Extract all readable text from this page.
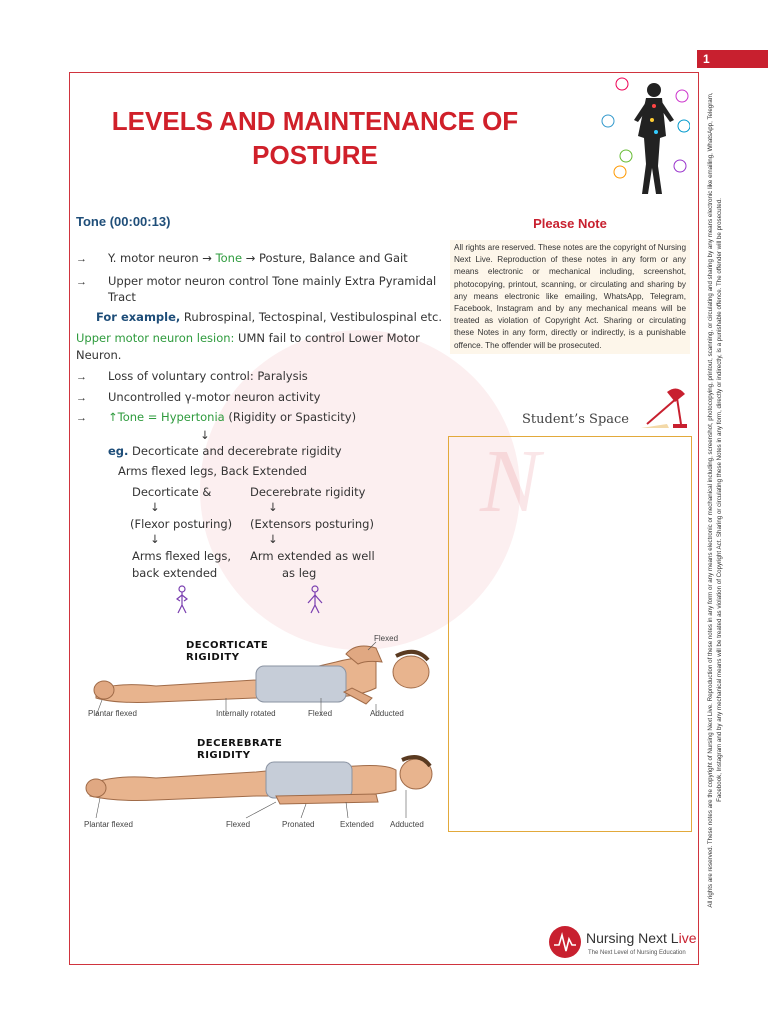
1
N
LEVELS AND MAINTENANCE OF
POSTURE
Tone (00:00:13)
→ Y. motor neuron → Tone → Posture, Balance and Gait
→ Upper motor neuron control Tone mainly Extra Pyramidal
Tract
For example, Rubrospinal, Tectospinal, Vestibulospinal etc.
Upper motor neuron lesion: UMN fail to control Lower Motor
Neuron.
→ Loss of voluntary control: Paralysis
→ Uncontrolled γ-motor neuron activity
→ ↑Tone = Hypertonia (Rigidity or Spasticity)
↓
eg. Decorticate and decerebrate rigidity
Arms flexed legs, Back Extended
Decorticate &
↓
(Flexor posturing)
↓
Arms flexed legs,
back extended
Decerebrate rigidity
↓
(Extensors posturing)
↓
Arm extended as well
as leg
DECORTICATE
RIGIDITY
Flexed
Plantar flexed	Internally rotated	Flexed	Adducted
DECEREBRATE
RIGIDITY
Plantar flexed	Flexed	Pronated	Extended Adducted
Please Note
All rights are reserved. These notes are the copyright of Nursing Next Live. Reproduction of these notes in any form or any means electronic or mechanical including, screenshot, photocopying, printout, scanning, or circulating and sharing by any means electronic like emailing, WhatsApp, Telegram, Facebook, Instagram and by any mechanical means will be treated as violation of Copyright Act. Sharing or circulating these Notes in any form, directly or indirectly, is a punishable offence. The offender will be prosecuted.
Student’s Space
Nursing Next Live
The Next Level of Nursing Education
All rights are reserved. These notes are the copyright of Nursing Next Live. Reproduction of these notes in any form or any means electronic or mechanical including, screenshot, photocopying, printout, scanning, or circulating and sharing by any means electronic like emailing, WhatsApp, Telegram, Facebook, Instagram and by any mechanical means will be treated as violation of Copyright Act. Sharing or circulating these Notes in any form, directly or indirectly, is a punishable offence. The offender will be prosecuted.
